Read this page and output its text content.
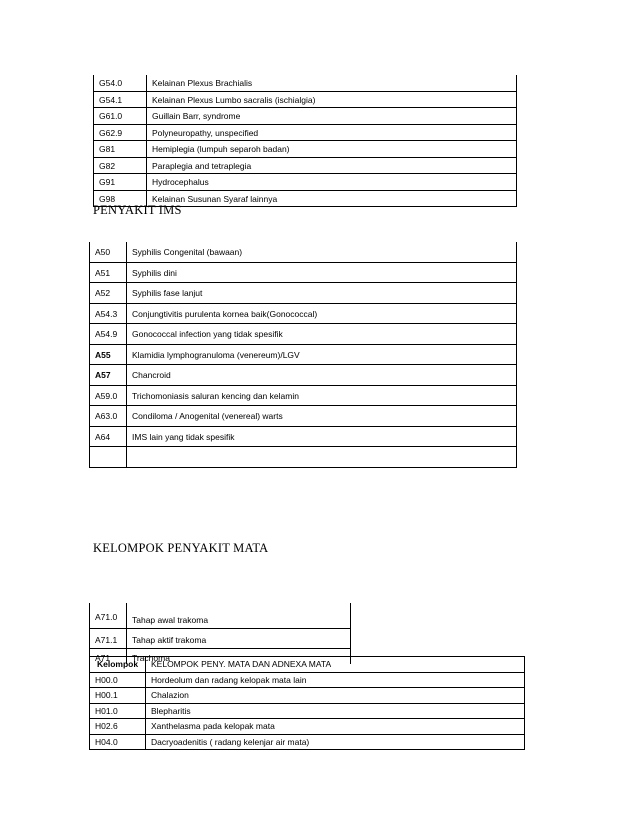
G54.0	Kelainan Plexus Brachialis
G54.1	Kelainan Plexus Lumbo sacralis (ischialgia)
G61.0	Guillain Barr, syndrome
G62.9	Polyneuropathy, unspecified
G81	Hemiplegia (lumpuh separoh badan)
G82	Paraplegia and tetraplegia
G91	Hydrocephalus
G98	Kelainan Susunan Syaraf lainnya
PENYAKIT IMS
A50	Syphilis Congenital (bawaan)
A51	Syphilis dini
A52	Syphilis fase lanjut
A54.3	Conjungtivitis purulenta kornea baik(Gonococcal)
A54.9	Gonococcal infection yang tidak spesifik
A55	Klamidia lymphogranuloma (venereum)/LGV
A57	Chancroid
A59.0	Trichomoniasis saluran kencing dan kelamin
A63.0	Condiloma / Anogenital (venereal) warts
A64	IMS lain yang tidak spesifik

KELOMPOK PENYAKIT MATA
A71.0	Tahap awal trakoma
A71.1	Tahap aktif trakoma
A71	Trachoma
Kelompok	KELOMPOK PENY. MATA DAN ADNEXA MATA
H00.0	Hordeolum dan radang kelopak mata lain
H00.1	Chalazion
H01.0	Blepharitis
H02.6	Xanthelasma pada kelopak mata
H04.0	Dacryoadenitis ( radang kelenjar air mata)
